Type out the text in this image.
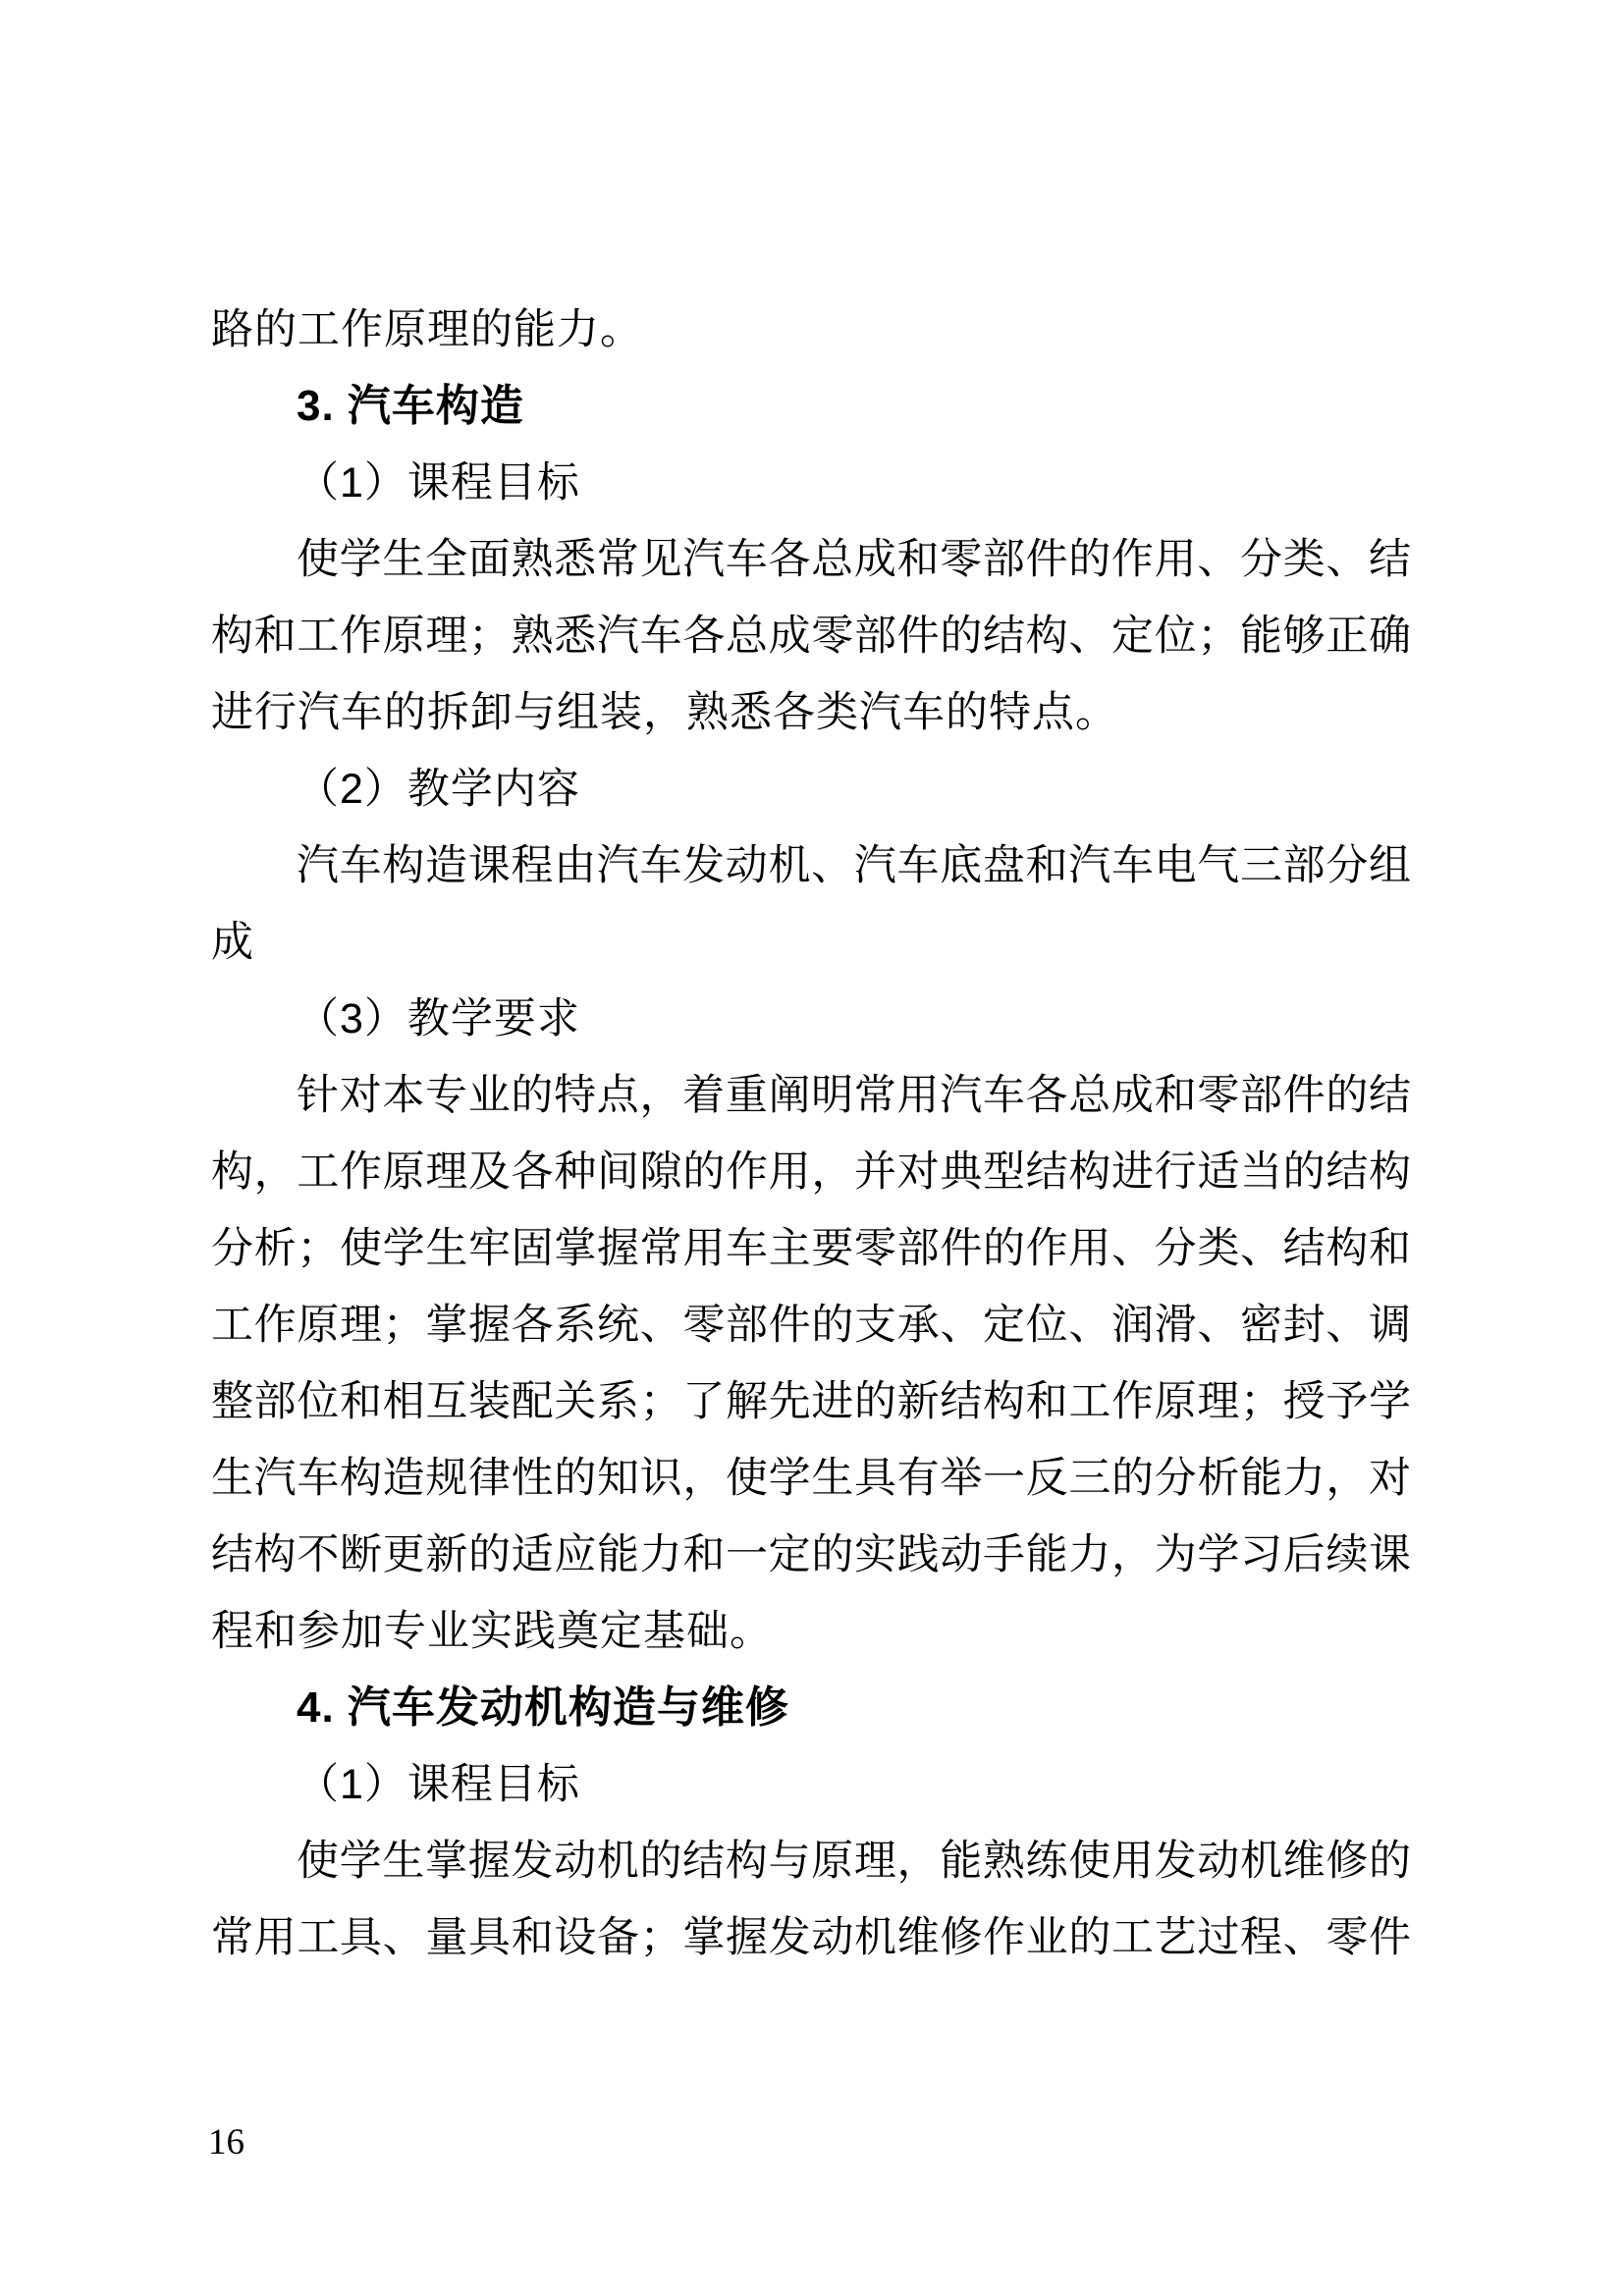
路的工作原理的能力。
3. 汽车构造
（1）课程目标
使学生全面熟悉常见汽车各总成和零部件的作用、分类、结
构和工作原理；熟悉汽车各总成零部件的结构、定位；能够正确
进行汽车的拆卸与组装，熟悉各类汽车的特点。
（2）教学内容
汽车构造课程由汽车发动机、汽车底盘和汽车电气三部分组
成
（3）教学要求
针对本专业的特点，着重阐明常用汽车各总成和零部件的结
构，工作原理及各种间隙的作用，并对典型结构进行适当的结构
分析；使学生牢固掌握常用车主要零部件的作用、分类、结构和
工作原理；掌握各系统、零部件的支承、定位、润滑、密封、调
整部位和相互装配关系；了解先进的新结构和工作原理；授予学
生汽车构造规律性的知识，使学生具有举一反三的分析能力，对
结构不断更新的适应能力和一定的实践动手能力，为学习后续课
程和参加专业实践奠定基础。
4. 汽车发动机构造与维修
（1）课程目标
使学生掌握发动机的结构与原理，能熟练使用发动机维修的
常用工具、量具和设备；掌握发动机维修作业的工艺过程、零件
16
